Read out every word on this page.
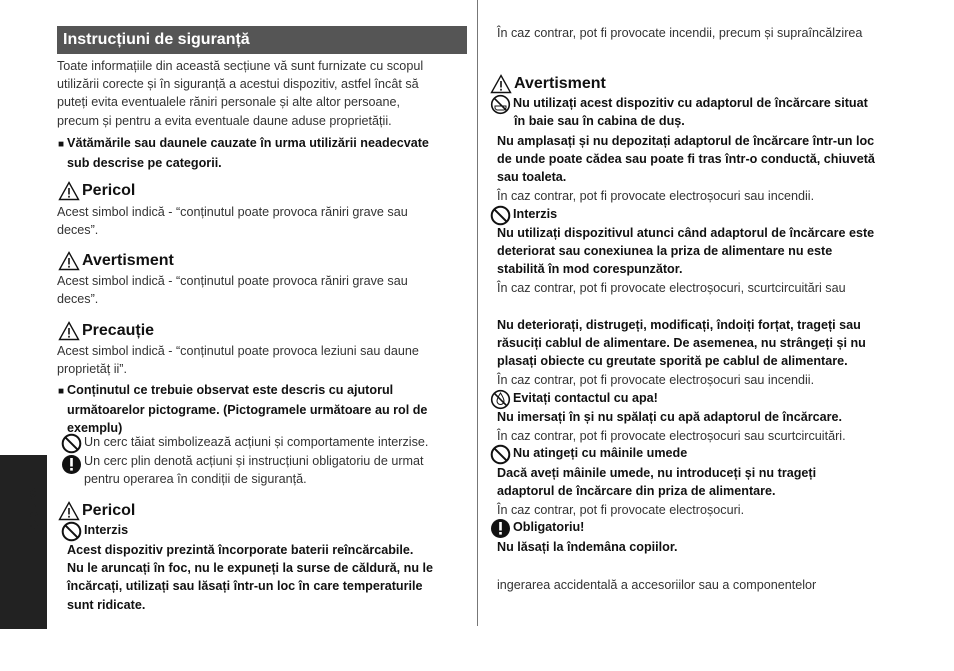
Instrucțiuni de siguranță
Toate informațiile din această secțiune vă sunt furnizate cu scopul
utilizării corecte și în siguranță a acestui dispozitiv, astfel încât să
puteți evita eventualele răniri personale și alte altor persoane,
precum și pentru a evita eventuale daune aduse proprietății.
■ Vătămările sau daunele cauzate în urma utilizării neadecvate
sub descrise pe categorii.
Pericol
Acest simbol indică - “conținutul poate provoca răniri grave sau
deces”.
Avertisment
Acest simbol indică - “conținutul poate provoca răniri grave sau
deces”.
Precauție
Acest simbol indică - “conținutul poate provoca leziuni sau daune
proprietăț ii”.
■ Conținutul ce trebuie observat este descris cu ajutorul
următoarelor pictograme. (Pictogramele următoare au rol de
exemplu)
Un cerc tăiat simbolizează acțiuni și comportamente interzise.
Un cerc plin denotă acțiuni și instrucțiuni obligatoriu de urmat
pentru operarea în condiții de siguranță.
Pericol
Interzis
Acest dispozitiv prezintă încorporate baterii reîncărcabile.
Nu le aruncați în foc, nu le expuneți la surse de căldură, nu le
încărcați, utilizați sau lăsați într-un loc în care temperaturile
sunt ridicate.
Română
În caz contrar, pot fi provocate incendii, precum și supraîncălzirea
Avertisment
Nu utilizați acest dispozitiv cu adaptorul de încărcare situat
în baie sau în cabina de duș.
Nu amplasați și nu depozitați adaptorul de încărcare într-un loc
de unde poate cădea sau poate fi tras într-o conductă, chiuvetă
sau toaleta.
În caz contrar, pot fi provocate electroșocuri sau incendii.
Interzis
Nu utilizați dispozitivul atunci când adaptorul de încărcare este
deteriorat sau conexiunea la priza de alimentare nu este
stabilită în mod corespunzător.
În caz contrar, pot fi provocate electroșocuri, scurtcircuitări sau
Nu deteriorați, distrugeți, modificați, îndoiți forțat, trageți sau
răsuciți cablul de alimentare. De asemenea, nu strângeți și nu
plasați obiecte cu greutate sporită pe cablul de alimentare.
În caz contrar, pot fi provocate electroșocuri sau incendii.
Evitați contactul cu apa!
Nu imersați în și nu spălați cu apă adaptorul de încărcare.
În caz contrar, pot fi provocate electroșocuri sau scurtcircuitări.
Nu atingeți cu mâinile umede
Dacă aveți mâinile umede, nu introduceți și nu trageți
adaptorul de încărcare din priza de alimentare.
În caz contrar, pot fi provocate electroșocuri.
Obligatoriu!
Nu lăsați la îndemâna copiilor.
ingerarea accidentală a accesoriilor sau a componentelor
